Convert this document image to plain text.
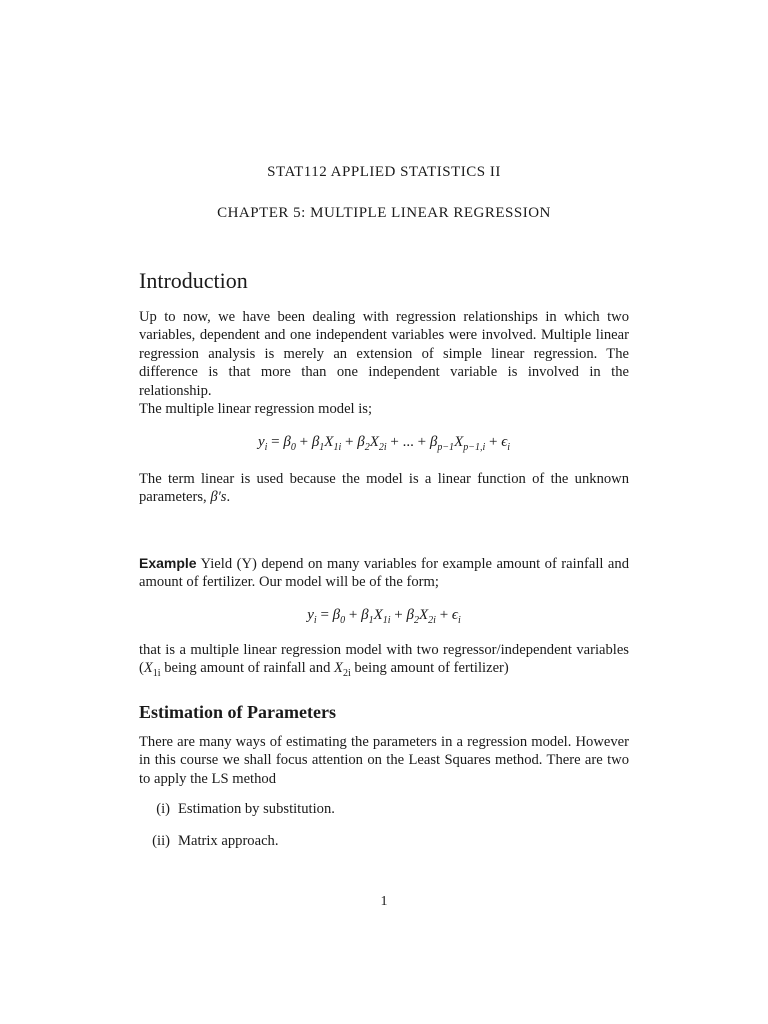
STAT112 APPLIED STATISTICS II
CHAPTER 5: MULTIPLE LINEAR REGRESSION
Introduction
Up to now, we have been dealing with regression relationships in which two variables, dependent and one independent variables were involved. Multiple linear regression analysis is merely an extension of simple linear regression. The difference is that more than one independent variable is involved in the relationship.
The multiple linear regression model is;
$y_i = \beta_0 + \beta_1X_{1i} + \beta_2X_{2i}$ + ... + $\beta_{p-1}X_{p-1,i} + \epsilon_i$
The term linear is used because the model is a linear function of the unknown parameters, β′s.
Example Yield (Y) depend on many variables for example amount of rainfall and amount of fertilizer. Our model will be of the form;
$y_i = \beta_0 + \beta_1X_{1i} + \beta_2X_{2i} + \epsilon_i$
that is a multiple linear regression model with two regressor/independent variables ($X_{1i}$ being amount of rainfall and $X_{2i}$ being amount of fertilizer)
Estimation of Parameters
There are many ways of estimating the parameters in a regression model. However in this course we shall focus attention on the Least Squares method. There are two to apply the LS method
(i) Estimation by substitution.
(ii) Matrix approach.
1
